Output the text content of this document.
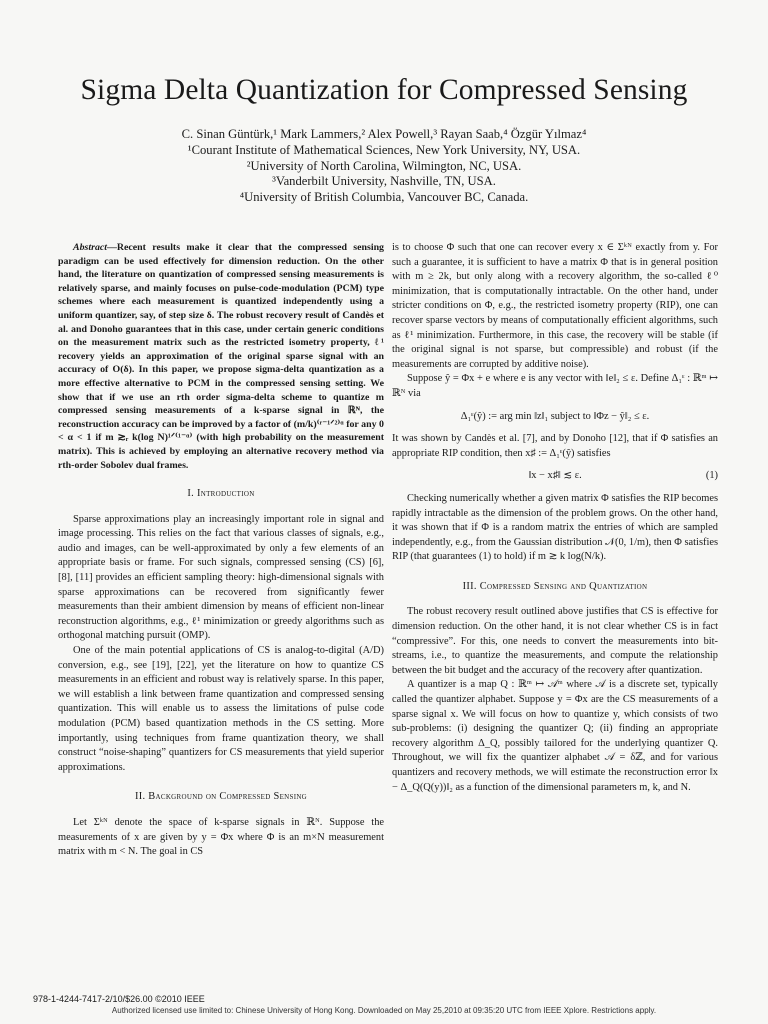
Sigma Delta Quantization for Compressed Sensing
C. Sinan Güntürk,¹ Mark Lammers,² Alex Powell,³ Rayan Saab,⁴ Özgür Yılmaz⁴
¹Courant Institute of Mathematical Sciences, New York University, NY, USA.
²University of North Carolina, Wilmington, NC, USA.
³Vanderbilt University, Nashville, TN, USA.
⁴University of British Columbia, Vancouver BC, Canada.

Abstract—Recent results make it clear that the compressed sensing paradigm can be used effectively for dimension reduction. On the other hand, the literature on quantization of compressed sensing measurements is relatively sparse, and mainly focuses on pulse-code-modulation (PCM) type schemes where each measurement is quantized independently using a uniform quantizer, say, of step size δ. The robust recovery result of Candès et al. and Donoho guarantees that in this case, under certain generic conditions on the measurement matrix such as the restricted isometry property, ℓ¹ recovery yields an approximation of the original sparse signal with an accuracy of O(δ). In this paper, we propose sigma-delta quantization as a more effective alternative to PCM in the compressed sensing setting. We show that if we use an rth order sigma-delta scheme to quantize m compressed sensing measurements of a k-sparse signal in ℝᴺ, the reconstruction accuracy can be improved by a factor of (m/k)⁽ʳ⁻¹ᐟ²⁾ᵅ for any 0 < α < 1 if m ≳ᵣ k(log N)¹ᐟ⁽¹⁻ᵅ⁾ (with high probability on the measurement matrix). This is achieved by employing an alternative recovery method via rth-order Sobolev dual frames.

I. Introduction

Sparse approximations play an increasingly important role in signal and image processing. This relies on the fact that various classes of signals, e.g., audio and images, can be well-approximated by only a few elements of an appropriate basis or frame. For such signals, compressed sensing (CS) [6], [8], [11] provides an efficient sampling theory: high-dimensional signals with sparse approximations can be recovered from significantly fewer measurements than their ambient dimension by means of efficient non-linear reconstruction algorithms, e.g., ℓ¹ minimization or greedy algorithms such as orthogonal matching pursuit (OMP).

One of the main potential applications of CS is analog-to-digital (A/D) conversion, e.g., see [19], [22], yet the literature on how to quantize CS measurements in an efficient and robust way is relatively sparse. In this paper, we will establish a link between frame quantization and compressed sensing quantization. This will enable us to assess the limitations of pulse code modulation (PCM) based quantization methods in the CS setting. More importantly, using techniques from frame quantization theory, we shall construct “noise-shaping” quantizers for CS measurements that yield superior approximations.

II. Background on Compressed Sensing

Let Σᵏᴺ denote the space of k-sparse signals in ℝᴺ. Suppose the measurements of x are given by y = Φx where Φ is an m×N measurement matrix with m < N. The goal in CS

is to choose Φ such that one can recover every x ∈ Σᵏᴺ exactly from y. For such a guarantee, it is sufficient to have a matrix Φ that is in general position with m ≥ 2k, but only along with a recovery algorithm, the so-called ℓ⁰ minimization, that is computationally intractable. On the other hand, under stricter conditions on Φ, e.g., the restricted isometry property (RIP), one can recover sparse vectors by means of computationally efficient algorithms, such as ℓ¹ minimization. Furthermore, in this case, the recovery will be stable (if the original signal is not sparse, but compressible) and robust (if the measurements are corrupted by additive noise).

Suppose ŷ = Φx + e where e is any vector with ‖e‖₂ ≤ ε. Define Δ₁ᵋ : ℝᵐ ↦ ℝᴺ via

Δ₁ᵋ(ŷ) := arg min ‖z‖₁ subject to ‖Φz − ŷ‖₂ ≤ ε.

It was shown by Candès et al. [7], and by Donoho [12], that if Φ satisfies an appropriate RIP condition, then x♯ := Δ₁ᵋ(ŷ) satisfies

‖x − x♯‖ ≲ ε.	(1)

Checking numerically whether a given matrix Φ satisfies the RIP becomes rapidly intractable as the dimension of the problem grows. On the other hand, it was shown that if Φ is a random matrix the entries of which are sampled independently, e.g., from the Gaussian distribution 𝒩(0, 1/m), then Φ satisfies RIP (that guarantees (1) to hold) if m ≳ k log(N/k).

III. Compressed Sensing and Quantization

The robust recovery result outlined above justifies that CS is effective for dimension reduction. On the other hand, it is not clear whether CS is in fact “compressive”. For this, one needs to convert the measurements into bit-streams, i.e., to quantize the measurements, and compute the relationship between the bit budget and the accuracy of the recovery after quantization.

A quantizer is a map Q : ℝᵐ ↦ 𝒜ᵐ where 𝒜 is a discrete set, typically called the quantizer alphabet. Suppose y = Φx are the CS measurements of a sparse signal x. We will focus on how to quantize y, which consists of two sub-problems: (i) designing the quantizer Q; (ii) finding an appropriate recovery algorithm Δ_Q, possibly tailored for the underlying quantizer Q. Throughout, we will fix the quantizer alphabet 𝒜 = δℤ, and for various quantizers and recovery methods, we will estimate the reconstruction error ‖x − Δ_Q(Q(y))‖₂ as a function of the dimensional parameters m, k, and N.

978-1-4244-7417-2/10/$26.00 ©2010 IEEE
Authorized licensed use limited to: Chinese University of Hong Kong. Downloaded on May 25,2010 at 09:35:20 UTC from IEEE Xplore. Restrictions apply.
